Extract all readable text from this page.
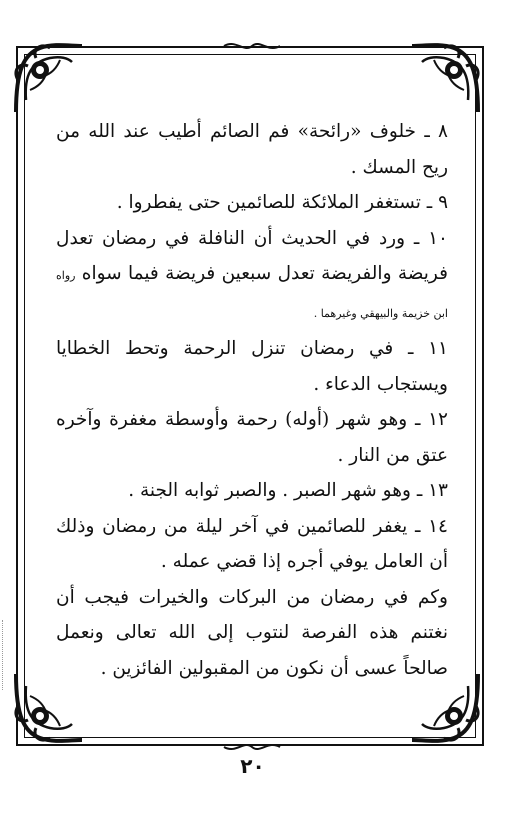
٨ ـ خلوف «رائحة» فم الصائم أطيب عند الله من ريح المسك .

٩ ـ تستغفر الملائكة للصائمين حتى يفطروا .

١٠ ـ ورد في الحديث أن النافلة في رمضان تعدل فريضة والفريضة تعدل سبعين فريضة فيما سواه رواه ابن خزيمة والبيهقي وغيرهما .

١١ ـ في رمضان تنزل الرحمة وتحط الخطايا ويستجاب الدعاء .

١٢ ـ وهو شهر (أوله) رحمة وأوسطة مغفرة وآخره عتق من النار .

١٣ ـ وهو شهر الصبر . والصبر ثوابه الجنة .

١٤ ـ يغفر للصائمين في آخر ليلة من رمضان وذلك أن العامل يوفي أجره إذا قضي عمله .

وكم في رمضان من البركات والخيرات فيجب أن نغتنم هذه الفرصة لنتوب إلى الله تعالى ونعمل صالحاً عسى أن نكون من المقبولين الفائزين .

٢٠
